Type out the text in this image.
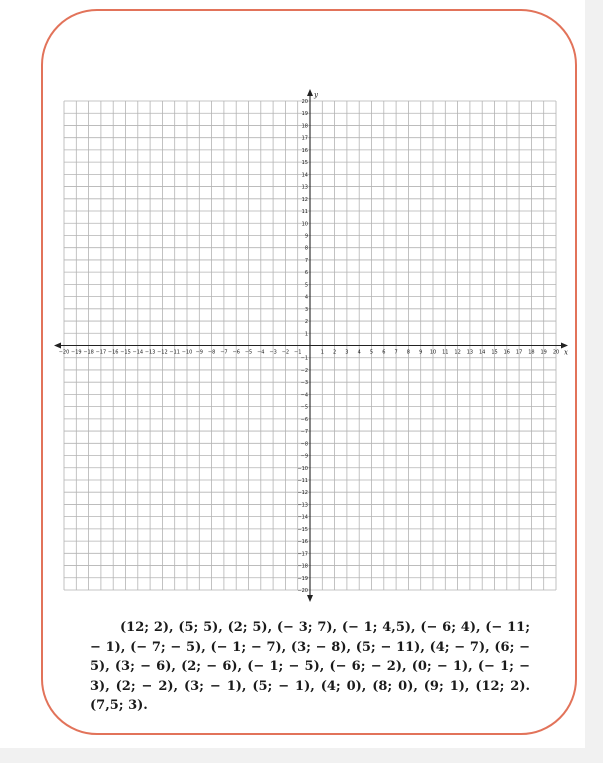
−20 −19 −18 −17 −16 −15 −14 −13 −12 −11 −10 −9 −8 −7 −6 −5 −4 −3 −2 −1	1 2 3 4 5 6 7 8 9 10 11 12 13 14 15 16 17 18 19 20
−20
−19
−18
−17
−16
−15
−14
−13
−12
−11
−10
−9
−8
−7
−6
−5
−4
−3
−2
−1
1
2
3
4
5
6
7
8
9
10
11
12
13
14
15
16
17
18
19
20
x
y
(12; 2), (5; 5), (2; 5), (− 3; 7), (− 1; 4,5), (− 6; 4), (− 11; − 1), (− 7; − 5), (− 1; − 7), (3; − 8), (5; − 11), (4; − 7), (6; − 5), (3; − 6), (2; − 6), (− 1; − 5), (− 6; − 2), (0; − 1), (− 1; − 3), (2; − 2), (3; − 1), (5; − 1), (4; 0), (8; 0), (9; 1), (12; 2). (7,5; 3).
